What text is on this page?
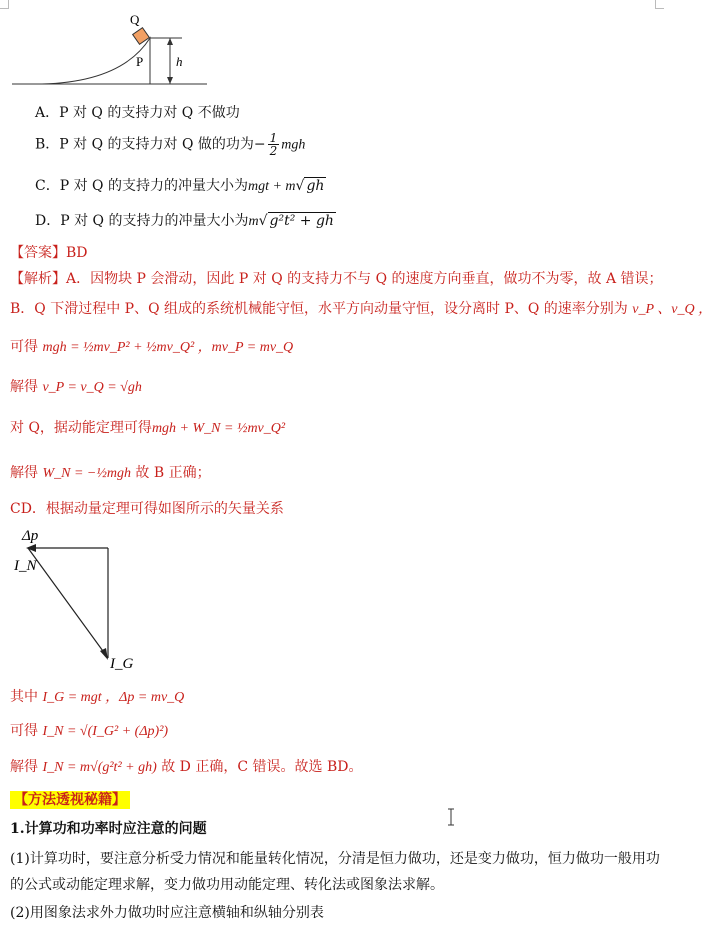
Q
P	h
A．P 对 Q 的支持力对 Q 不做功
B．P 对 Q 的支持力对 Q 做的功为− $\frac{1}{2}$ mgh
C．P 对 Q 的支持力的冲量大小为mgt + m√ gh
D．P 对 Q 的支持力的冲量大小为m√ g²t² + gh
【答案】BD
【解析】A．因物块 P 会滑动，因此 P 对 Q 的支持力不与 Q 的速度方向垂直，做功不为零，故 A 错误；
B．Q 下滑过程中 P、Q 组成的系统机械能守恒，水平方向动量守恒，设分离时 P、Q 的速率分别为 v_P 、v_Q ，
可得 mgh = ½mv_P² + ½mv_Q² ，mv_P = mv_Q
解得 v_P = v_Q = √gh
对 Q，据动能定理可得mgh + W_N = ½mv_Q²
解得 W_N = −½mgh 故 B 正确；
CD．根据动量定理可得如图所示的矢量关系
Δp
I_N
I_G
其中 I_G = mgt ，Δp = mv_Q
可得 I_N = √(I_G² + (Δp)²)
解得 I_N = m√(g²t² + gh) 故 D 正确，C 错误。故选 BD。
【方法透视秘籍】
1.计算功和功率时应注意的问题
(1)计算功时，要注意分析受力情况和能量转化情况，分清是恒力做功，还是变力做功，恒力做功一般用功
的公式或动能定理求解，变力做功用动能定理、转化法或图象法求解。
(2)用图象法求外力做功时应注意横轴和纵轴分别表
